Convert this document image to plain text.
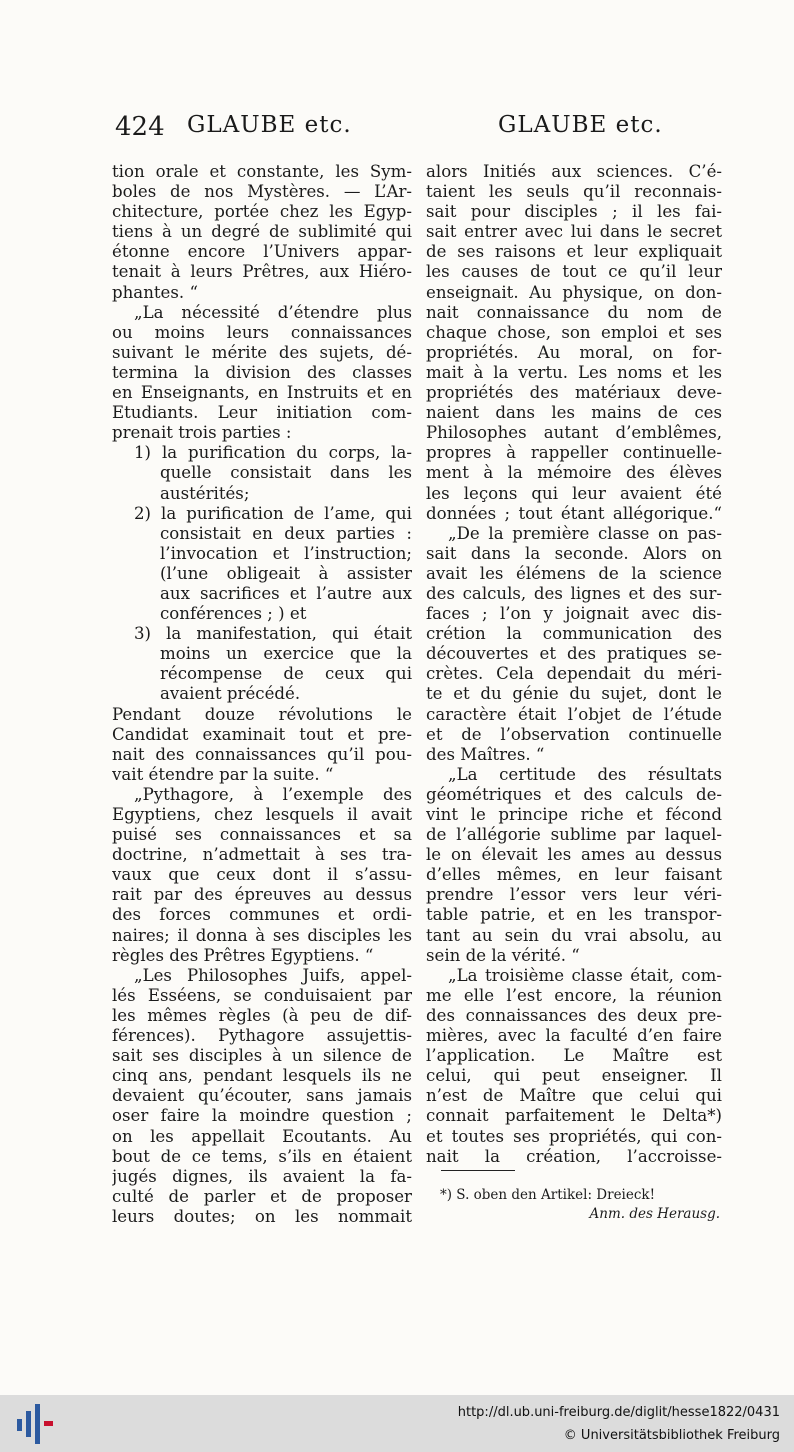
424 GLAUBE etc.	GLAUBE etc.
tion orale et constante, les Sym-
boles de nos Mystères. — L’Ar-
chitecture, portée chez les Egyp-
tiens à un degré de sublimité qui
étonne encore l’Univers appar-
tenait à leurs Prêtres, aux Hiéro-
phantes. “
„La nécessité d’étendre plus
ou moins leurs connaissances
suivant le mérite des sujets, dé-
termina la division des classes
en Enseignants, en Instruits et en
Etudiants. Leur initiation com-
prenait trois parties :
1) la purification du corps, la-
quelle consistait dans les
austérités;
2) la purification de l’ame, qui
consistait en deux parties :
l’invocation et l’instruction;
(l’une obligeait à assister
aux sacrifices et l’autre aux
conférences ; ) et
3) la manifestation, qui était
moins un exercice que la
récompense de ceux qui
avaient précédé.
Pendant douze révolutions le
Candidat examinait tout et pre-
nait des connaissances qu’il pou-
vait étendre par la suite. “
„Pythagore, à l’exemple des
Egyptiens, chez lesquels il avait
puisé ses connaissances et sa
doctrine, n’admettait à ses tra-
vaux que ceux dont il s’assu-
rait par des épreuves au dessus
des forces communes et ordi-
naires; il donna à ses disciples les
règles des Prêtres Egyptiens. “
„Les Philosophes Juifs, appel-
lés Esséens, se conduisaient par
les mêmes règles (à peu de dif-
férences). Pythagore assujettis-
sait ses disciples à un silence de
cinq ans, pendant lesquels ils ne
devaient qu’écouter, sans jamais
oser faire la moindre question ;
on les appellait Ecoutants. Au
bout de ce tems, s’ils en étaient
jugés dignes, ils avaient la fa-
culté de parler et de proposer
leurs doutes; on les nommait
alors Initiés aux sciences. C’é-
taient les seuls qu’il reconnais-
sait pour disciples ; il les fai-
sait entrer avec lui dans le secret
de ses raisons et leur expliquait
les causes de tout ce qu’il leur
enseignait. Au physique, on don-
nait connaissance du nom de
chaque chose, son emploi et ses
propriétés. Au moral, on for-
mait à la vertu. Les noms et les
propriétés des matériaux deve-
naient dans les mains de ces
Philosophes autant d’emblêmes,
propres à rappeller continuelle-
ment à la mémoire des élèves
les leçons qui leur avaient été
données ; tout étant allégorique.“
„De la première classe on pas-
sait dans la seconde. Alors on
avait les élémens de la science
des calculs, des lignes et des sur-
faces ; l’on y joignait avec dis-
crétion la communication des
découvertes et des pratiques se-
crètes. Cela dependait du méri-
te et du génie du sujet, dont le
caractère était l’objet de l’étude
et de l’observation continuelle
des Maîtres. “
„La certitude des résultats
géométriques et des calculs de-
vint le principe riche et fécond
de l’allégorie sublime par laquel-
le on élevait les ames au dessus
d’elles mêmes, en leur faisant
prendre l’essor vers leur véri-
table patrie, et en les transpor-
tant au sein du vrai absolu, au
sein de la vérité. “
„La troisième classe était, com-
me elle l’est encore, la réunion
des connaissances des deux pre-
mières, avec la faculté d’en faire
l’application. Le Maître est
celui, qui peut enseigner. Il
n’est de Maître que celui qui
connait parfaitement le Delta*)
et toutes ses propriétés, qui con-
nait la création, l’accroisse-
*) S. oben den Artikel: Dreieck!
Anm. des Herausg.
http://dl.ub.uni-freiburg.de/diglit/hesse1822/0431
© Universitätsbibliothek Freiburg
